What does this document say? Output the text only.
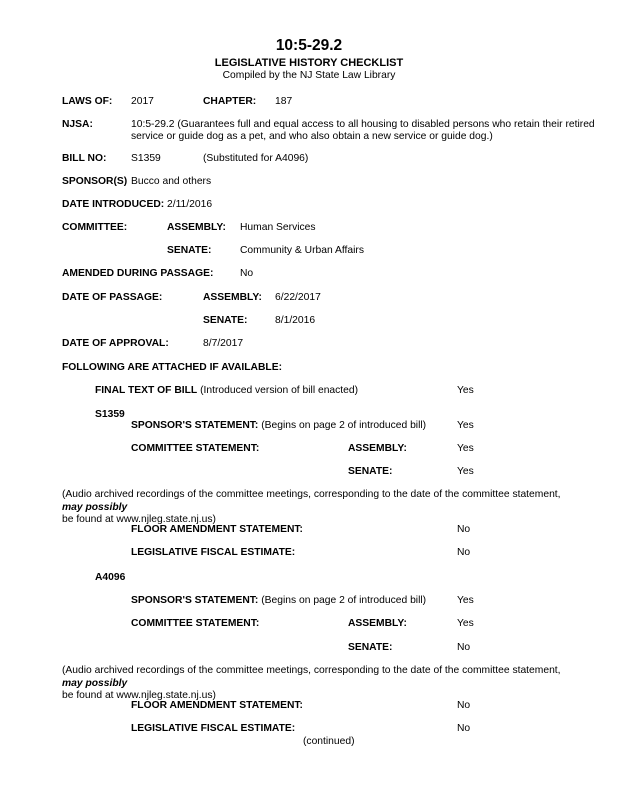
10:5-29.2
LEGISLATIVE HISTORY CHECKLIST
Compiled by the NJ State Law Library
LAWS OF: 2017	CHAPTER: 187
NJSA:	10:5-29.2 (Guarantees full and equal access to all housing to disabled persons who retain their retired
service or guide dog as a pet, and who also obtain a new service or guide dog.)
BILL NO: S1359	(Substituted for A4096)
SPONSOR(S) Bucco and others
DATE INTRODUCED: 2/11/2016
COMMITTEE:	ASSEMBLY: Human Services
SENATE:	Community & Urban Affairs
AMENDED DURING PASSAGE:	No
DATE OF PASSAGE:	ASSEMBLY: 6/22/2017
SENATE:	8/1/2016
DATE OF APPROVAL:	8/7/2017
FOLLOWING ARE ATTACHED IF AVAILABLE:
FINAL TEXT OF BILL (Introduced version of bill enacted)	Yes
S1359
SPONSOR'S STATEMENT: (Begins on page 2 of introduced bill)	Yes
COMMITTEE STATEMENT:	ASSEMBLY:	Yes
SENATE:	Yes
(Audio archived recordings of the committee meetings, corresponding to the date of the committee statement, may possibly
be found at www.njleg.state.nj.us)
FLOOR AMENDMENT STATEMENT:	No
LEGISLATIVE FISCAL ESTIMATE:	No
A4096
SPONSOR'S STATEMENT: (Begins on page 2 of introduced bill)	Yes
COMMITTEE STATEMENT:	ASSEMBLY:	Yes
SENATE:	No
(Audio archived recordings of the committee meetings, corresponding to the date of the committee statement, may possibly
be found at www.njleg.state.nj.us)
FLOOR AMENDMENT STATEMENT:	No
LEGISLATIVE FISCAL ESTIMATE:	No
(continued)
